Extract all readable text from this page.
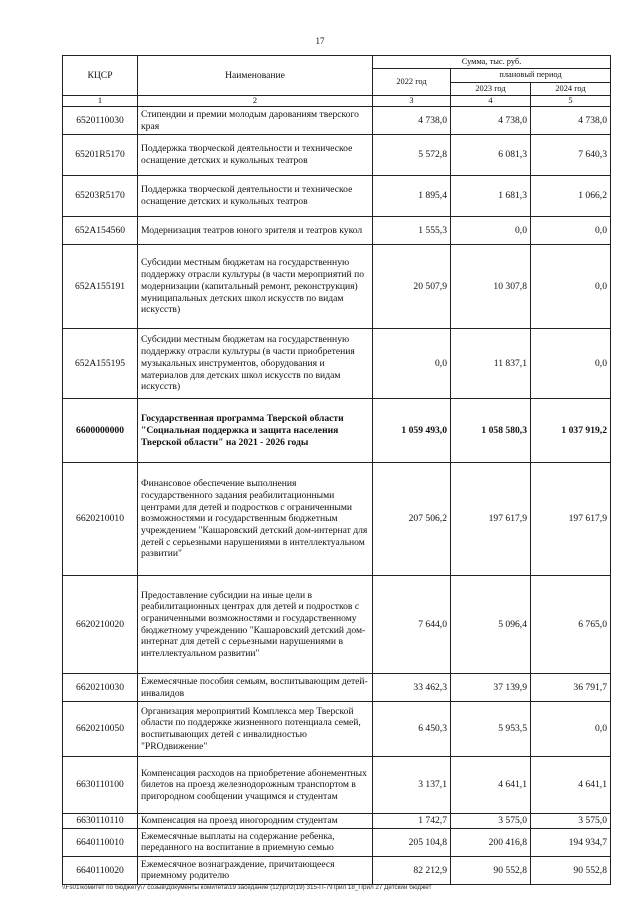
17
КЦСР	Наименование	Сумма, тыс. руб.		
		2022 год	плановый период	
			2023 год	2024 год
1	2	3	4	5
6520110030	Стипендии и премии молодым дарованиям тверского края	4 738,0	4 738,0	4 738,0
65201R5170	Поддержка творческой деятельности и техническое оснащение детских и кукольных театров	5 572,8	6 081,3	7 640,3
65203R5170	Поддержка творческой деятельности и техническое оснащение детских и кукольных театров	1 895,4	1 681,3	1 066,2
652A154560	Модернизация театров юного зрителя и театров кукол	1 555,3	0,0	0,0
652A155191	Субсидии местным бюджетам на государственную поддержку отрасли культуры (в части мероприятий по модернизации (капитальный ремонт, реконструкция) муниципальных детских школ искусств по видам искусств)	20 507,9	10 307,8	0,0
652A155195	Субсидии местным бюджетам на государственную поддержку отрасли культуры (в части приобретения музыкальных инструментов, оборудования и материалов для детских школ искусств по видам искусств)	0,0	11 837,1	0,0
6600000000	Государственная программа Тверской области "Социальная поддержка и защита населения Тверской области" на 2021 - 2026 годы	1 059 493,0	1 058 580,3	1 037 919,2
6620210010	Финансовое обеспечение выполнения государственного задания реабилитационными центрами для детей и подростков с ограниченными возможностями и государственным бюджетным учреждением "Кашаровский детский дом-интернат для детей с серьезными нарушениями в интеллектуальном развитии"	207 506,2	197 617,9	197 617,9
6620210020	Предоставление субсидии на иные цели в реабилитационных центрах для детей и подростков с ограниченными возможностями и государственному бюджетному учреждению "Кашаровский детский дом-интернат для детей с серьезными нарушениями в интеллектуальном развитии"	7 644,0	5 096,4	6 765,0
6620210030	Ежемесячные пособия семьям, воспитывающим детей-инвалидов	33 462,3	37 139,9	36 791,7
6620210050	Организация мероприятий Комплекса мер Тверской области по поддержке жизненного потенциала семей, воспитывающих детей с инвалидностью "PROдвижение"	6 450,3	5 953,5	0,0
6630110100	Компенсация расходов на приобретение абонементных билетов на проезд железнодорожным транспортом в пригородном сообщении учащимся и студентам	3 137,1	4 641,1	4 641,1
6630110110	Компенсация на проезд иногородним студентам	1 742,7	3 575,0	3 575,0
6640110010	Ежемесячные выплаты на содержание ребенка, переданного на воспитание в приемную семью	205 104,8	200 416,8	194 934,7
6640110020	Ежемесячное вознаграждение, причитающееся приемному родителю	82 212,9	90 552,8	90 552,8
\\Fs01\комитет по бюджету\7 созыв\Документы комитета\19 заседание (12)\pr\z(19) 315-П-7\Прил 18_Прил 27 Детский бюджет
